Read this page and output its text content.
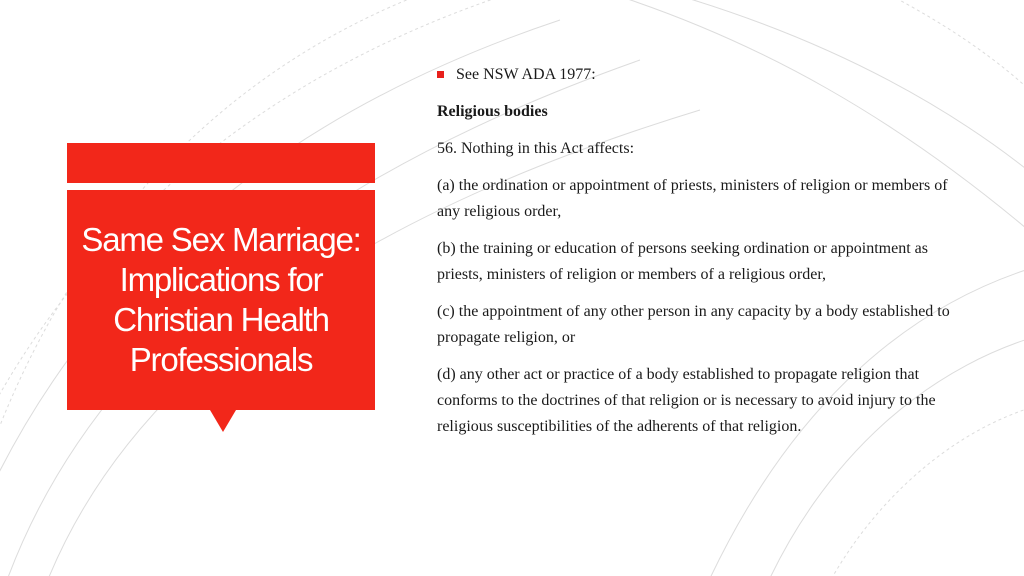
Same Sex Marriage: Implications for Christian Health Professionals

See NSW ADA 1977:

Religious bodies

56. Nothing in this Act affects:

(a) the ordination or appointment of priests, ministers of religion or members of any religious order,

(b) the training or education of persons seeking ordination or appointment as priests, ministers of religion or members of a religious order,

(c) the appointment of any other person in any capacity by a body established to propagate religion, or

(d) any other act or practice of a body established to propagate religion that conforms to the doctrines of that religion or is necessary to avoid injury to the religious susceptibilities of the adherents of that religion.
